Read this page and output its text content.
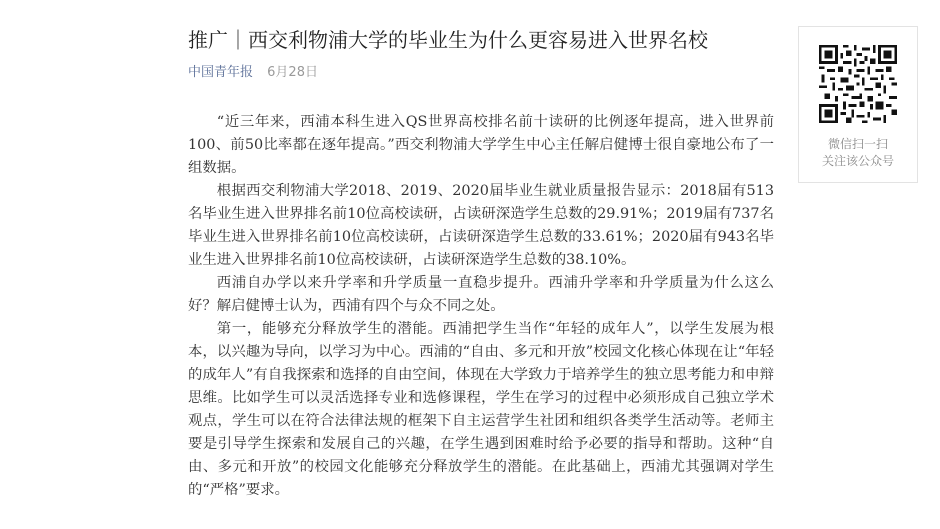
推广｜西交利物浦大学的毕业生为什么更容易进入世界名校
中国青年报 6月28日

“近三年来，西浦本科生进入QS世界高校排名前十读研的比例逐年提高，进入世界前100、前50比率都在逐年提高。”西交利物浦大学学生中心主任解启健博士很自豪地公布了一组数据。

根据西交利物浦大学2018、2019、2020届毕业生就业质量报告显示：2018届有513名毕业生进入世界排名前10位高校读研，占读研深造学生总数的29.91%；2019届有737名毕业生进入世界排名前10位高校读研，占读研深造学生总数的33.61%；2020届有943名毕业生进入世界排名前10位高校读研，占读研深造学生总数的38.10%。

西浦自办学以来升学率和升学质量一直稳步提升。西浦升学率和升学质量为什么这么好？解启健博士认为，西浦有四个与众不同之处。

第一，能够充分释放学生的潜能。西浦把学生当作“年轻的成年人”，以学生发展为根本，以兴趣为导向，以学习为中心。西浦的“自由、多元和开放”校园文化核心体现在让“年轻的成年人”有自我探索和选择的自由空间，体现在大学致力于培养学生的独立思考能力和申辩思维。比如学生可以灵活选择专业和选修课程，学生在学习的过程中必须形成自己独立学术观点，学生可以在符合法律法规的框架下自主运营学生社团和组织各类学生活动等。老师主要是引导学生探索和发展自己的兴趣，在学生遇到困难时给予必要的指导和帮助。这种“自由、多元和开放”的校园文化能够充分释放学生的潜能。在此基础上，西浦尤其强调对学生的“严格”要求。

微信扫一扫
关注该公众号
